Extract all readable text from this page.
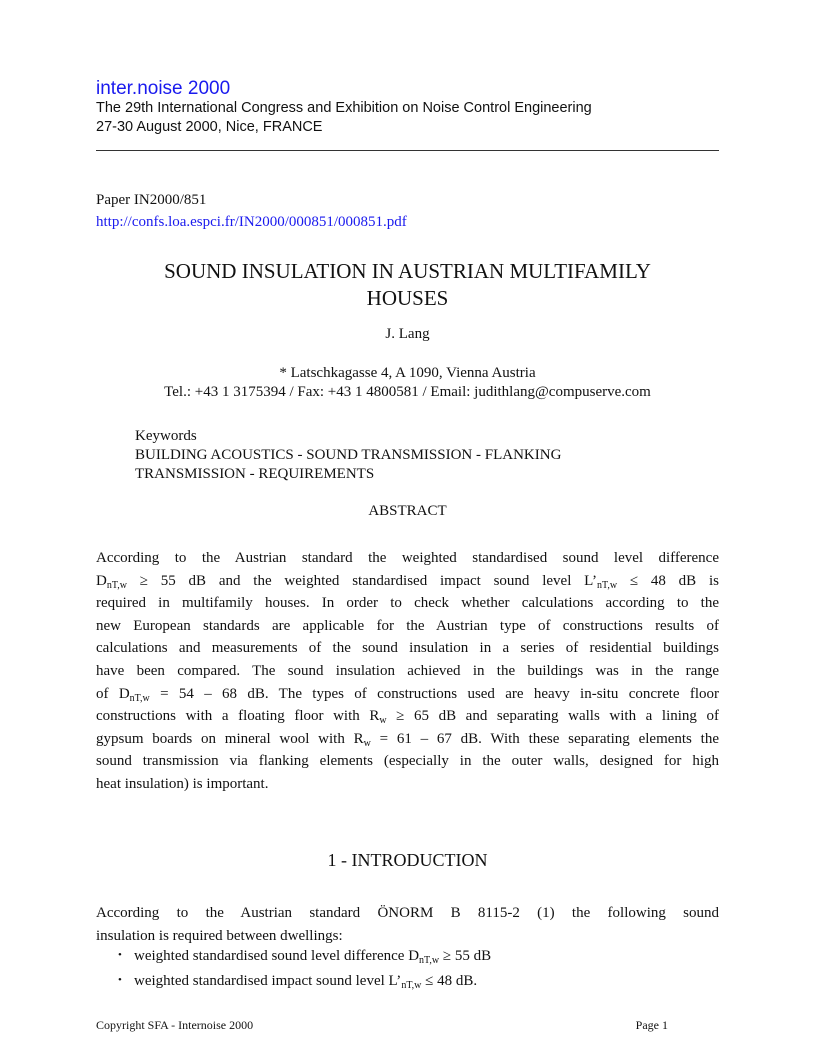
inter.noise 2000
The 29th International Congress and Exhibition on Noise Control Engineering
27-30 August 2000, Nice, FRANCE
Paper IN2000/851
http://confs.loa.espci.fr/IN2000/000851/000851.pdf
SOUND INSULATION IN AUSTRIAN MULTIFAMILY
HOUSES
J. Lang
* Latschkagasse 4, A 1090, Vienna Austria
Tel.: +43 1 3175394 / Fax: +43 1 4800581 / Email: judithlang@compuserve.com
Keywords
BUILDING ACOUSTICS - SOUND TRANSMISSION - FLANKING
TRANSMISSION - REQUIREMENTS
ABSTRACT
According to the Austrian standard the weighted standardised sound level difference
$D_{nT,w} \ge 55$ dB and the weighted standardised impact sound level $L’_{nT,w} \le 48$ dB is
required in multifamily houses. In order to check whether calculations according to the
new European standards are applicable for the Austrian type of constructions results of
calculations and measurements of the sound insulation in a series of residential buildings
have been compared. The sound insulation achieved in the buildings was in the range
of $D_{nT,w} = 54 - 68$ dB. The types of constructions used are heavy in-situ concrete floor
constructions with a floating floor with $R_w \ge 65$ dB and separating walls with a lining of
gypsum boards on mineral wool with $R_w = 61 - 67$ dB. With these separating elements the
sound transmission via flanking elements (especially in the outer walls, designed for high
heat insulation) is important.
1 - INTRODUCTION
According to the Austrian standard ÖNORM B 8115-2 (1) the following sound
insulation is required between dwellings:
• weighted standardised sound level difference $D_{nT,w} \ge 55$ dB
• weighted standardised impact sound level $L’_{nT,w} \le 48$ dB.
Copyright SFA - Internoise 2000	Page 1
